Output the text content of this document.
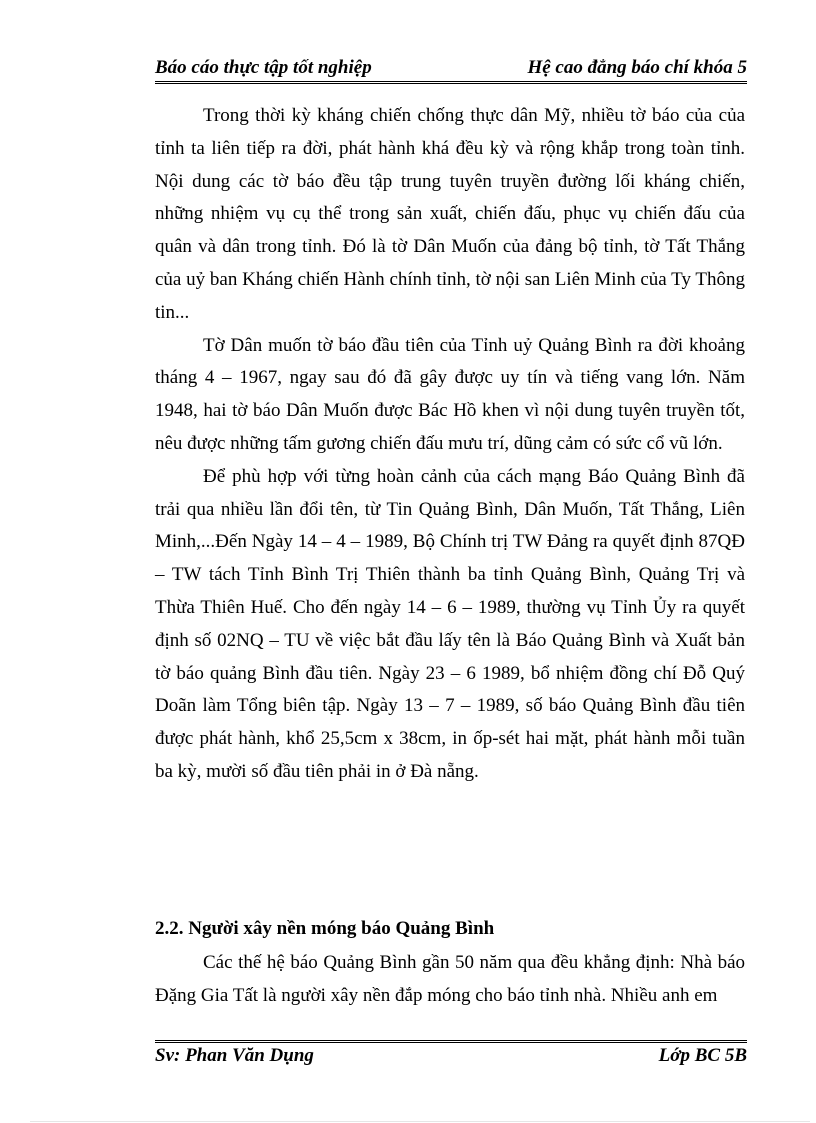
Báo cáo thực tập tốt nghiệp	Hệ cao đẳng báo chí khóa 5

Trong thời kỳ kháng chiến chống thực dân Mỹ, nhiều tờ báo của của tỉnh ta liên tiếp ra đời, phát hành khá đều kỳ và rộng khắp trong toàn tỉnh. Nội dung các tờ báo đều tập trung tuyên truyền đường lối kháng chiến, những nhiệm vụ cụ thể trong sản xuất, chiến đấu, phục vụ chiến đấu của quân và dân trong tỉnh. Đó là tờ Dân Muốn của đảng bộ tỉnh, tờ Tất Thắng của uỷ ban Kháng chiến Hành chính tỉnh, tờ nội san Liên Minh của Ty Thông tin...

Tờ Dân muốn tờ báo đầu tiên của Tỉnh uỷ Quảng Bình ra đời khoảng tháng 4 – 1967, ngay sau đó đã gây được uy tín và tiếng vang lớn. Năm 1948, hai tờ báo Dân Muốn được Bác Hồ khen vì nội dung tuyên truyền tốt, nêu được những tấm gương chiến đấu mưu trí, dũng cảm có sức cổ vũ lớn.

Để phù hợp với từng hoàn cảnh của cách mạng Báo Quảng Bình đã trải qua nhiều lần đổi tên, từ Tin Quảng Bình, Dân Muốn, Tất Thắng, Liên Minh,...Đến Ngày 14 – 4 – 1989, Bộ Chính trị TW Đảng ra quyết định 87QĐ – TW tách Tỉnh Bình Trị Thiên thành ba tỉnh Quảng Bình, Quảng Trị và Thừa Thiên Huế. Cho đến ngày 14 – 6 – 1989, thường vụ Tỉnh Ủy ra quyết định số 02NQ – TU về việc bắt đầu lấy tên là Báo Quảng Bình và Xuất bản tờ báo quảng Bình đầu tiên. Ngày 23 – 6 1989, bổ nhiệm đồng chí Đỗ Quý Doãn làm Tổng biên tập. Ngày 13 – 7 – 1989, số báo Quảng Bình đầu tiên được phát hành, khổ 25,5cm x 38cm, in ốp-sét hai mặt, phát hành mỗi tuần ba kỳ, mười số đầu tiên phải in ở Đà nẵng.

2.2. Người xây nền móng báo Quảng Bình

Các thế hệ báo Quảng Bình gần 50 năm qua đều khẳng định: Nhà báo Đặng Gia Tất là người xây nền đắp móng cho báo tỉnh nhà. Nhiều anh em

Sv: Phan Văn Dụng	Lớp BC 5B
